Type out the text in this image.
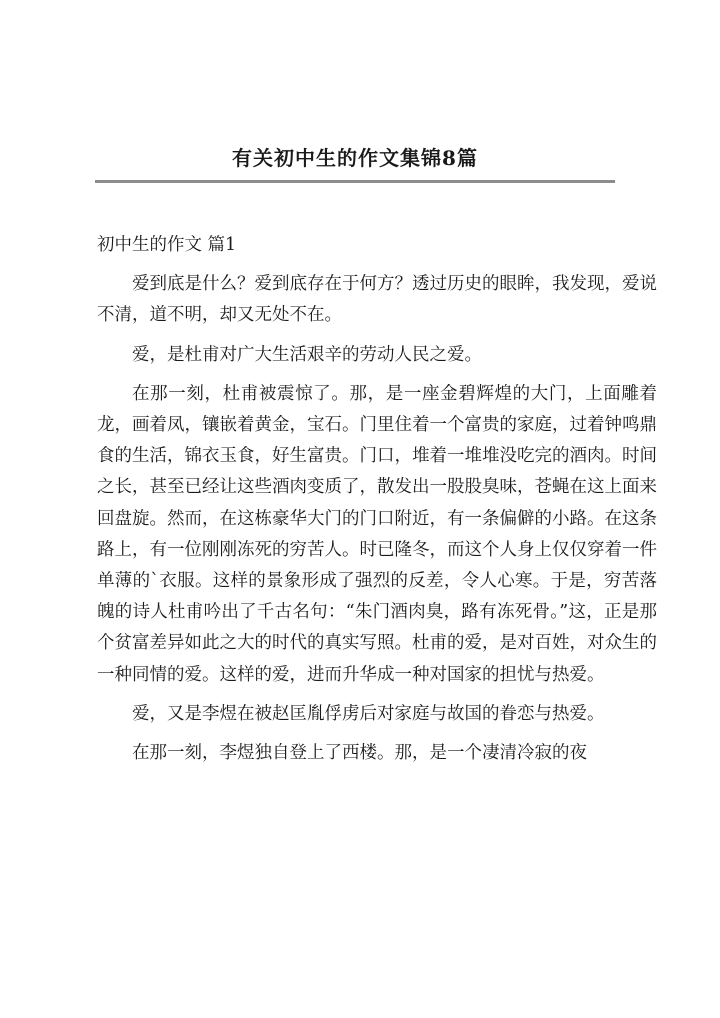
有关初中生的作文集锦8篇

初中生的作文 篇1

爱到底是什么？爱到底存在于何方？透过历史的眼眸，我发现，爱说不清，道不明，却又无处不在。

爱，是杜甫对广大生活艰辛的劳动人民之爱。

在那一刻，杜甫被震惊了。那，是一座金碧辉煌的大门，上面雕着龙，画着凤，镶嵌着黄金，宝石。门里住着一个富贵的家庭，过着钟鸣鼎食的生活，锦衣玉食，好生富贵。门口，堆着一堆堆没吃完的酒肉。时间之长，甚至已经让这些酒肉变质了，散发出一股股臭味，苍蝇在这上面来回盘旋。然而，在这栋豪华大门的门口附近，有一条偏僻的小路。在这条路上，有一位刚刚冻死的穷苦人。时已隆冬，而这个人身上仅仅穿着一件单薄的`衣服。这样的景象形成了强烈的反差，令人心寒。于是，穷苦落魄的诗人杜甫吟出了千古名句：“朱门酒肉臭，路有冻死骨。”这，正是那个贫富差异如此之大的时代的真实写照。杜甫的爱，是对百姓，对众生的一种同情的爱。这样的爱，进而升华成一种对国家的担忧与热爱。

爱，又是李煜在被赵匡胤俘虏后对家庭与故国的眷恋与热爱。

在那一刻，李煜独自登上了西楼。那，是一个凄清冷寂的夜
